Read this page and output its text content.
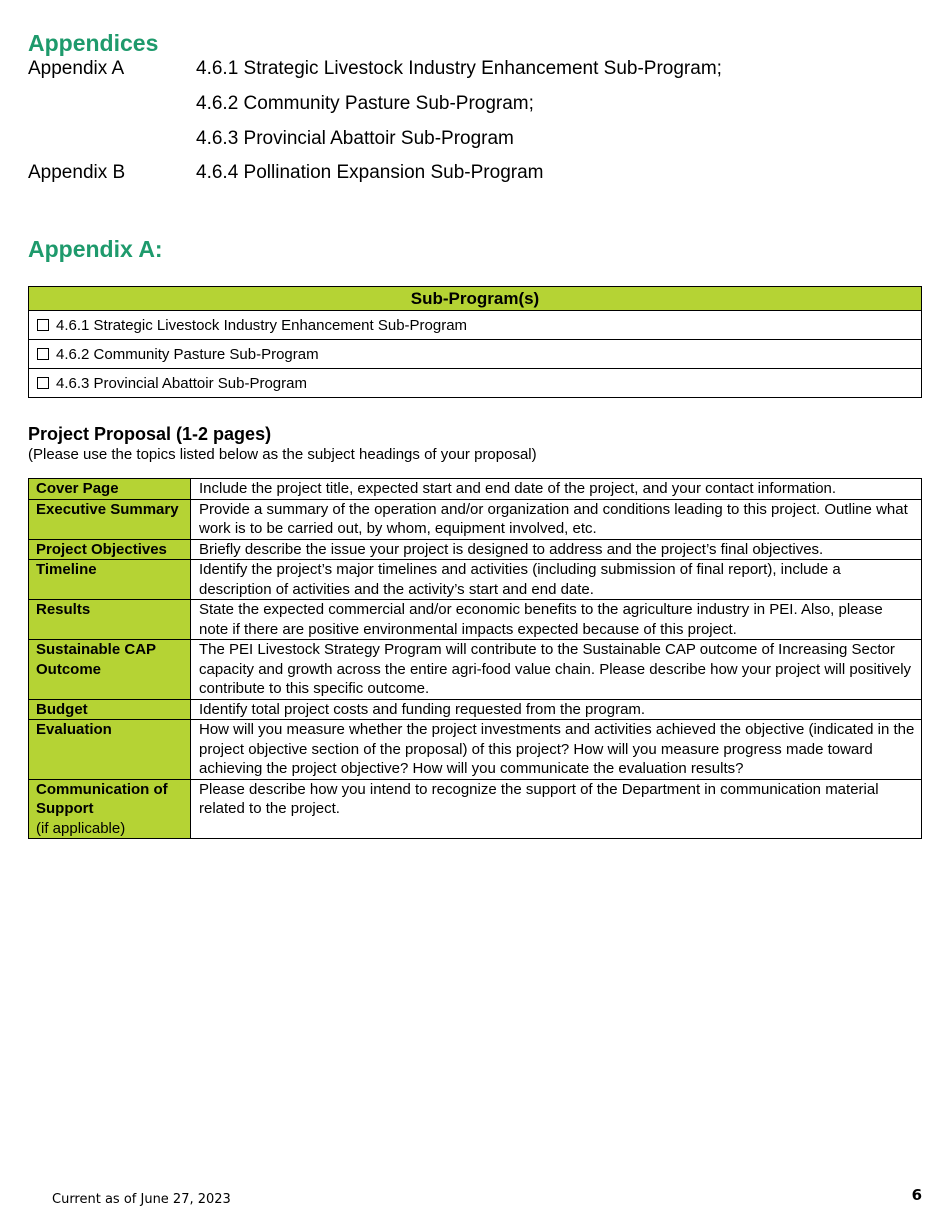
Appendices
Appendix A	4.6.1 Strategic Livestock Industry Enhancement Sub-Program;
4.6.2 Community Pasture Sub-Program;
4.6.3 Provincial Abattoir Sub-Program
Appendix B	4.6.4 Pollination Expansion Sub-Program
Appendix A:
Sub-Program(s)
4.6.1 Strategic Livestock Industry Enhancement Sub-Program
4.6.2 Community Pasture Sub-Program
4.6.3 Provincial Abattoir Sub-Program
Project Proposal (1-2 pages)
(Please use the topics listed below as the subject headings of your proposal)
Cover Page	Include the project title, expected start and end date of the project, and your contact information.
Executive Summary	Provide a summary of the operation and/or organization and conditions leading to this project. Outline what work is to be carried out, by whom, equipment involved, etc.
Project Objectives	Briefly describe the issue your project is designed to address and the project’s final objectives.
Timeline	Identify the project’s major timelines and activities (including submission of final report), include a description of activities and the activity’s start and end date.
Results	State the expected commercial and/or economic benefits to the agriculture industry in PEI. Also, please note if there are positive environmental impacts expected because of this project.
Sustainable CAP Outcome	The PEI Livestock Strategy Program will contribute to the Sustainable CAP outcome of Increasing Sector capacity and growth across the entire agri-food value chain. Please describe how your project will positively contribute to this specific outcome.
Budget	Identify total project costs and funding requested from the program.
Evaluation	How will you measure whether the project investments and activities achieved the objective (indicated in the project objective section of the proposal) of this project? How will you measure progress made toward achieving the project objective? How will you communicate the evaluation results?
Communication of Support
(if applicable)	Please describe how you intend to recognize the support of the Department in communication material related to the project.
Current as of June 27, 2023	6
